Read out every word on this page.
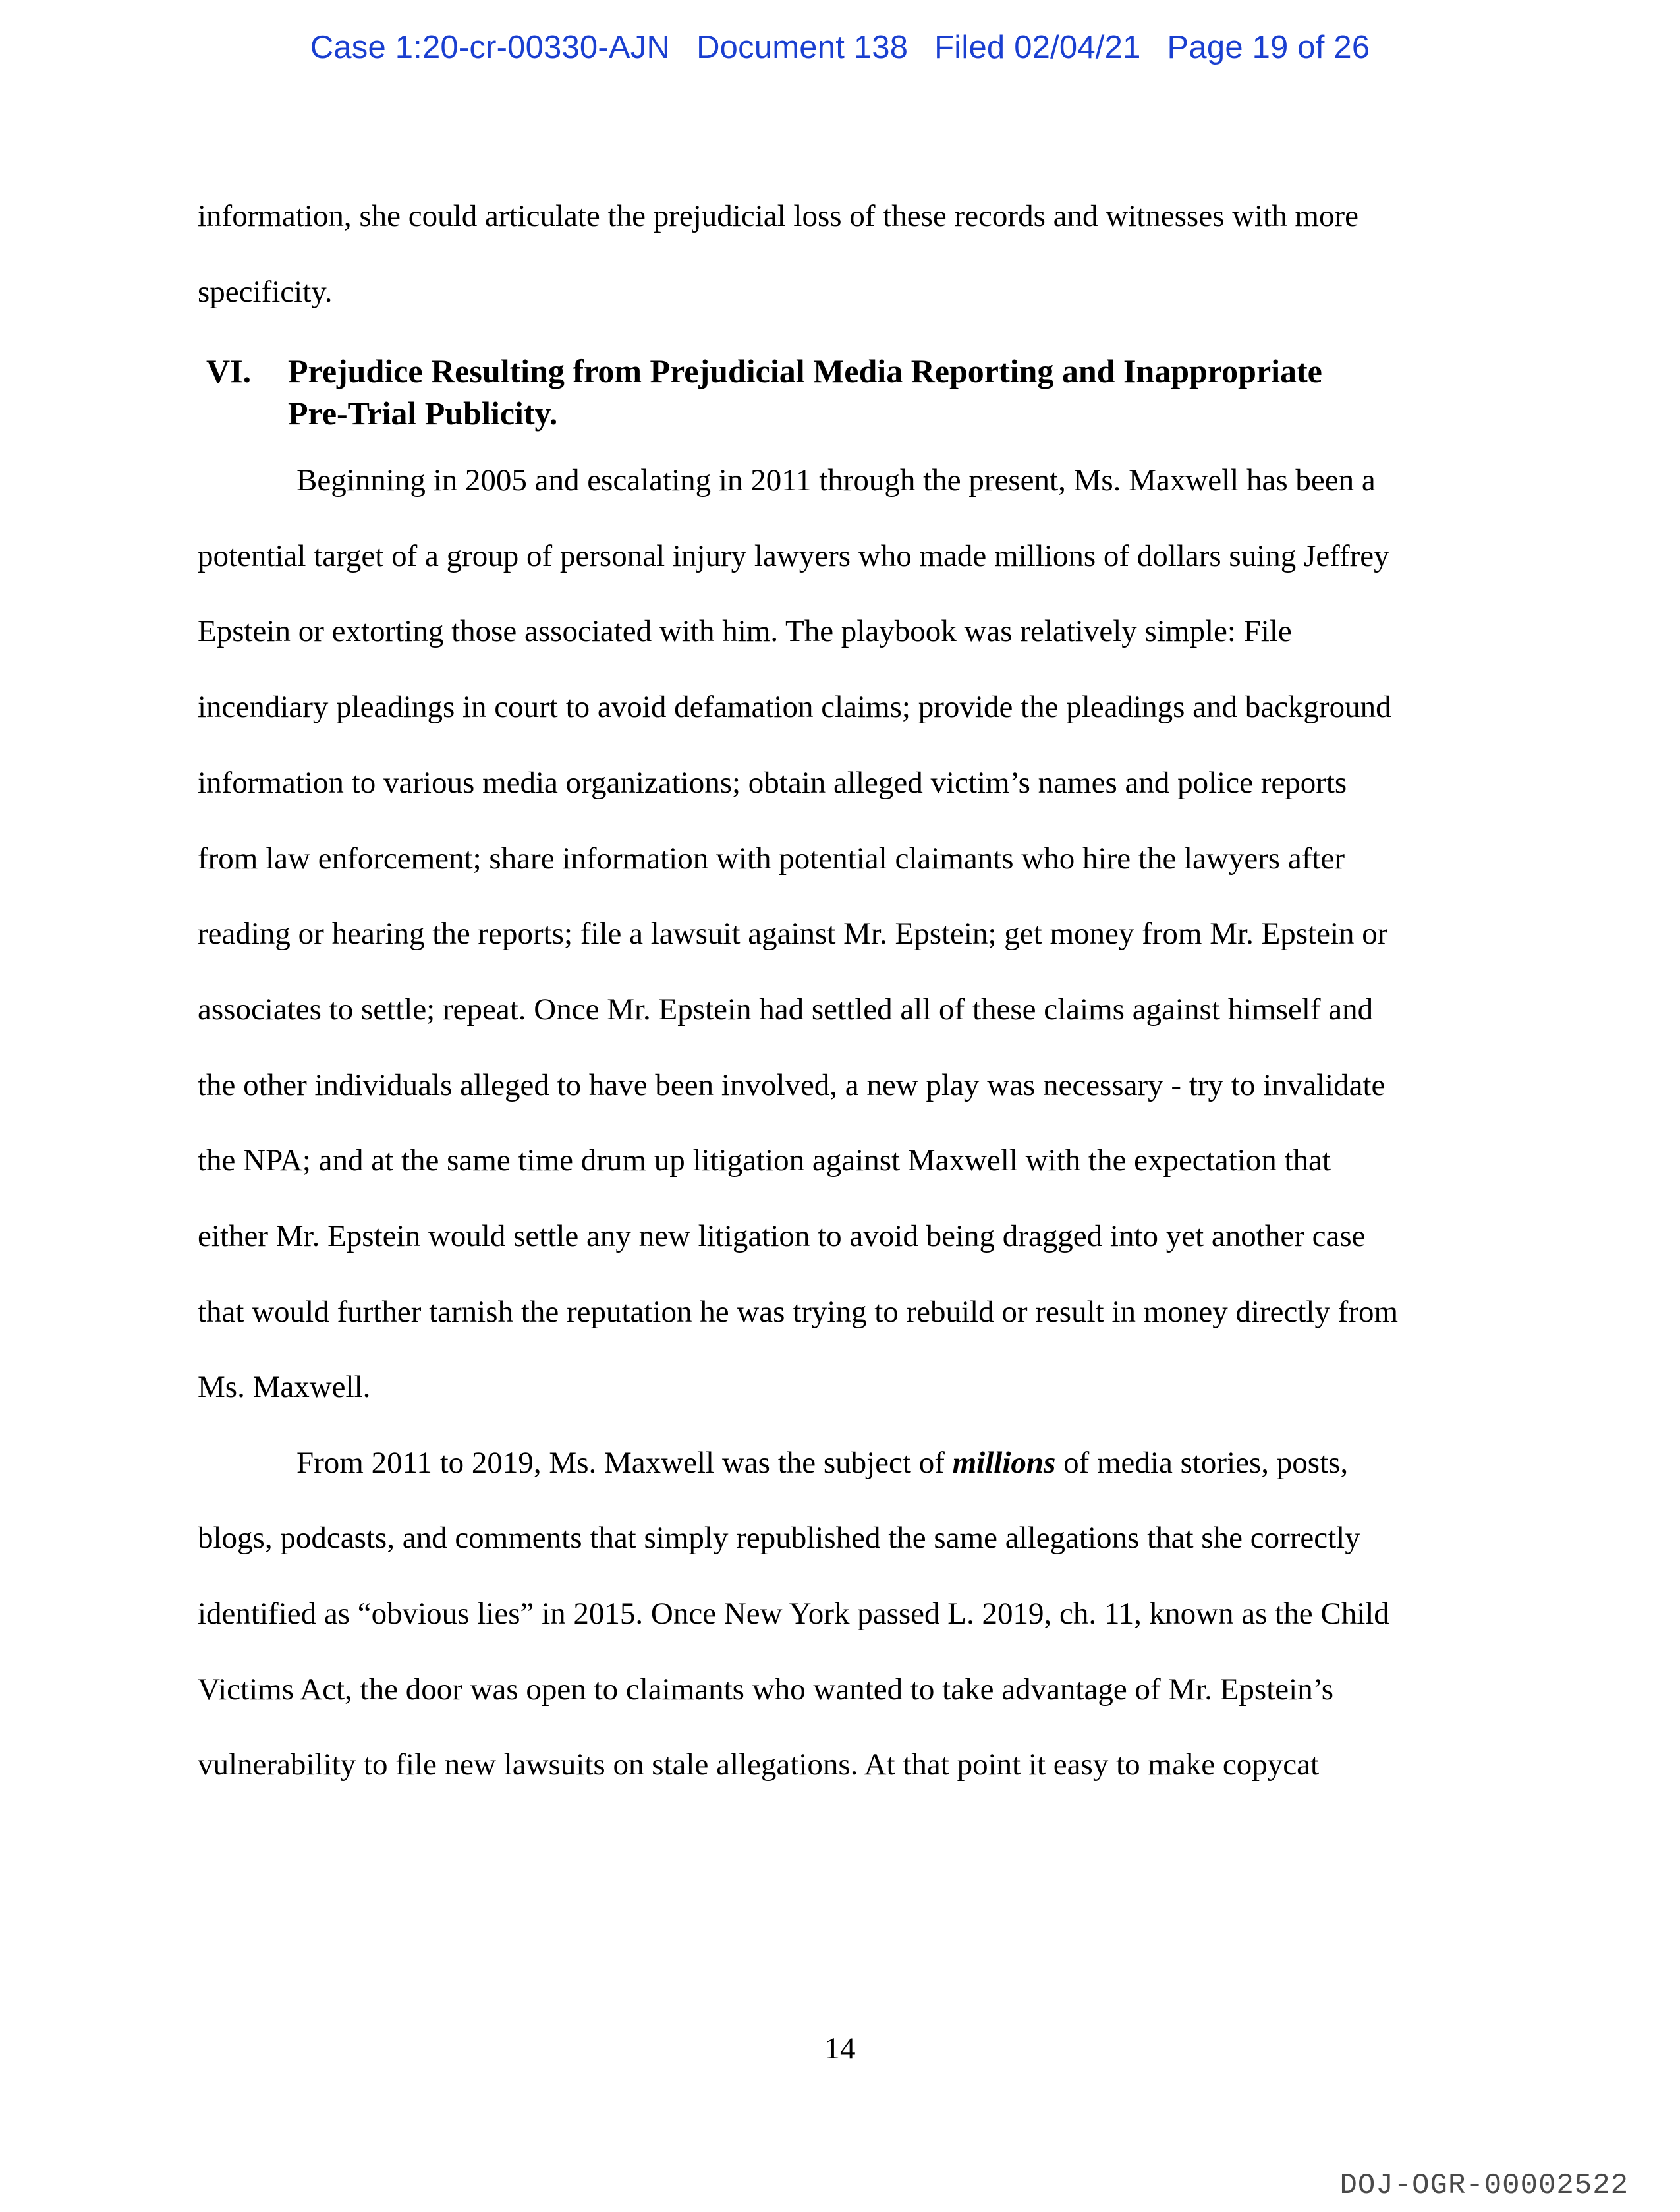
Case 1:20-cr-00330-AJN Document 138 Filed 02/04/21 Page 19 of 26
information, she could articulate the prejudicial loss of these records and witnesses with more
specificity.
VI. Prejudice Resulting from Prejudicial Media Reporting and Inappropriate
Pre-Trial Publicity.
Beginning in 2005 and escalating in 2011 through the present, Ms. Maxwell has been a
potential target of a group of personal injury lawyers who made millions of dollars suing Jeffrey
Epstein or extorting those associated with him. The playbook was relatively simple: File
incendiary pleadings in court to avoid defamation claims; provide the pleadings and background
information to various media organizations; obtain alleged victim’s names and police reports
from law enforcement; share information with potential claimants who hire the lawyers after
reading or hearing the reports; file a lawsuit against Mr. Epstein; get money from Mr. Epstein or
associates to settle; repeat. Once Mr. Epstein had settled all of these claims against himself and
the other individuals alleged to have been involved, a new play was necessary - try to invalidate
the NPA; and at the same time drum up litigation against Maxwell with the expectation that
either Mr. Epstein would settle any new litigation to avoid being dragged into yet another case
that would further tarnish the reputation he was trying to rebuild or result in money directly from
Ms. Maxwell.
From 2011 to 2019, Ms. Maxwell was the subject of millions of media stories, posts,
blogs, podcasts, and comments that simply republished the same allegations that she correctly
identified as “obvious lies” in 2015. Once New York passed L. 2019, ch. 11, known as the Child
Victims Act, the door was open to claimants who wanted to take advantage of Mr. Epstein’s
vulnerability to file new lawsuits on stale allegations. At that point it easy to make copycat
14
DOJ-OGR-00002522
